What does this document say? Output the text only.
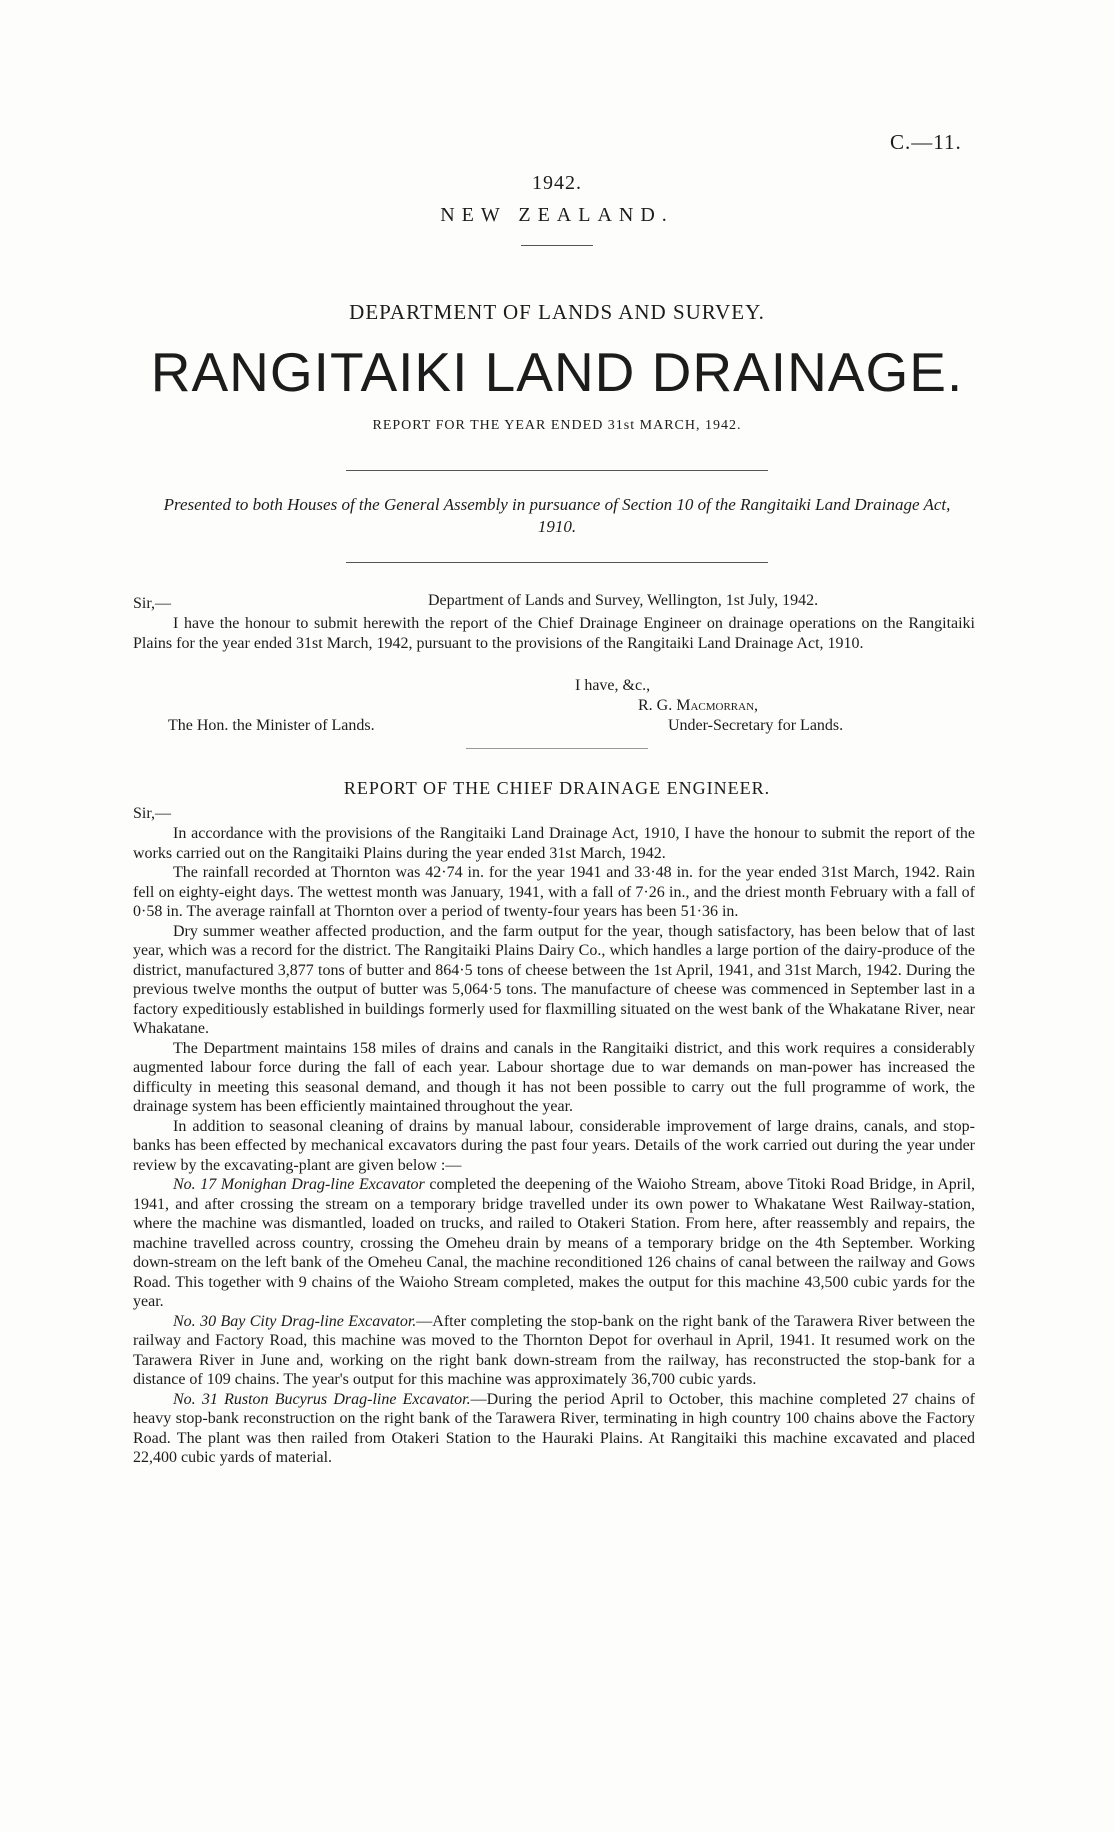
C.—11.
1942.
NEW ZEALAND.
DEPARTMENT OF LANDS AND SURVEY.
RANGITAIKI LAND DRAINAGE.
REPORT FOR THE YEAR ENDED 31st MARCH, 1942.
Presented to both Houses of the General Assembly in pursuance of Section 10 of the Rangitaiki Land Drainage Act, 1910.
Sir,—	Department of Lands and Survey, Wellington, 1st July, 1942.

I have the honour to submit herewith the report of the Chief Drainage Engineer on drainage operations on the Rangitaiki Plains for the year ended 31st March, 1942, pursuant to the provisions of the Rangitaiki Land Drainage Act, 1910.

I have, &c.,
R. G. Macmorran,
The Hon. the Minister of Lands.	Under-Secretary for Lands.
REPORT OF THE CHIEF DRAINAGE ENGINEER.
Sir,—

In accordance with the provisions of the Rangitaiki Land Drainage Act, 1910, I have the honour to submit the report of the works carried out on the Rangitaiki Plains during the year ended 31st March, 1942.

The rainfall recorded at Thornton was 42·74 in. for the year 1941 and 33·48 in. for the year ended 31st March, 1942. Rain fell on eighty-eight days. The wettest month was January, 1941, with a fall of 7·26 in., and the driest month February with a fall of 0·58 in. The average rainfall at Thornton over a period of twenty-four years has been 51·36 in.

Dry summer weather affected production, and the farm output for the year, though satisfactory, has been below that of last year, which was a record for the district. The Rangitaiki Plains Dairy Co., which handles a large portion of the dairy-produce of the district, manufactured 3,877 tons of butter and 864·5 tons of cheese between the 1st April, 1941, and 31st March, 1942. During the previous twelve months the output of butter was 5,064·5 tons. The manufacture of cheese was commenced in September last in a factory expeditiously established in buildings formerly used for flaxmilling situated on the west bank of the Whakatane River, near Whakatane.

The Department maintains 158 miles of drains and canals in the Rangitaiki district, and this work requires a considerably augmented labour force during the fall of each year. Labour shortage due to war demands on man-power has increased the difficulty in meeting this seasonal demand, and though it has not been possible to carry out the full programme of work, the drainage system has been efficiently maintained throughout the year.

In addition to seasonal cleaning of drains by manual labour, considerable improvement of large drains, canals, and stop-banks has been effected by mechanical excavators during the past four years. Details of the work carried out during the year under review by the excavating-plant are given below :—

No. 17 Monighan Drag-line Excavator completed the deepening of the Waioho Stream, above Titoki Road Bridge, in April, 1941, and after crossing the stream on a temporary bridge travelled under its own power to Whakatane West Railway-station, where the machine was dismantled, loaded on trucks, and railed to Otakeri Station. From here, after reassembly and repairs, the machine travelled across country, crossing the Omeheu drain by means of a temporary bridge on the 4th September. Working down-stream on the left bank of the Omeheu Canal, the machine reconditioned 126 chains of canal between the railway and Gows Road. This together with 9 chains of the Waioho Stream completed, makes the output for this machine 43,500 cubic yards for the year.

No. 30 Bay City Drag-line Excavator.—After completing the stop-bank on the right bank of the Tarawera River between the railway and Factory Road, this machine was moved to the Thornton Depot for overhaul in April, 1941. It resumed work on the Tarawera River in June and, working on the right bank down-stream from the railway, has reconstructed the stop-bank for a distance of 109 chains. The year's output for this machine was approximately 36,700 cubic yards.

No. 31 Ruston Bucyrus Drag-line Excavator.—During the period April to October, this machine completed 27 chains of heavy stop-bank reconstruction on the right bank of the Tarawera River, terminating in high country 100 chains above the Factory Road. The plant was then railed from Otakeri Station to the Hauraki Plains. At Rangitaiki this machine excavated and placed 22,400 cubic yards of material.
